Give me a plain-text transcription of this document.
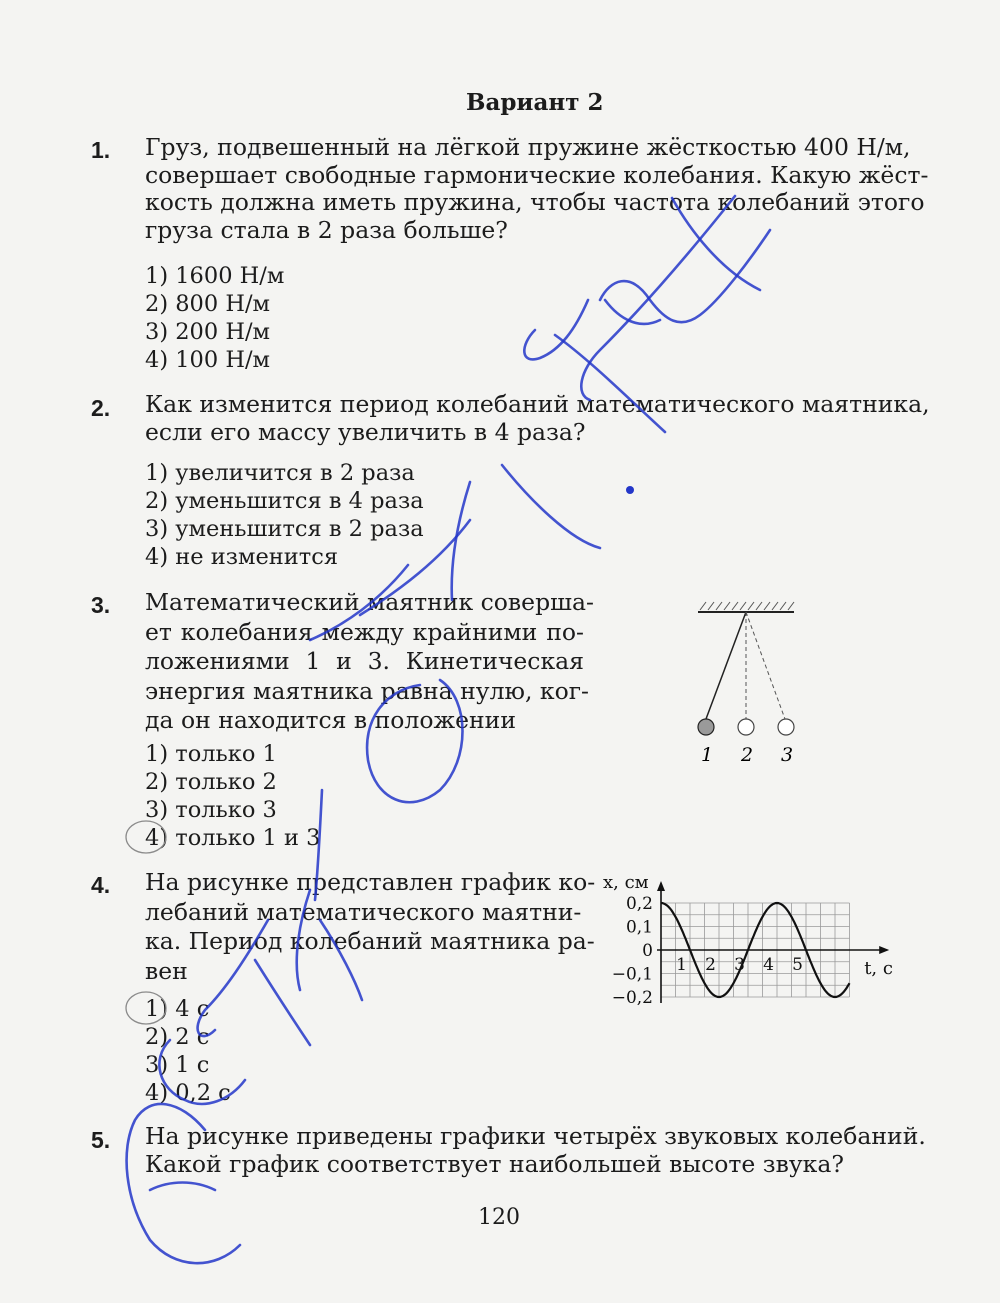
Вариант 2
1. Груз, подвешенный на лёгкой пружине жёсткостью 400 Н/м,
совершает свободные гармонические колебания. Какую жёст-
кость должна иметь пружина, чтобы частота колебаний этого
груза стала в 2 раза больше?
1) 1600 Н/м
2) 800 Н/м
3) 200 Н/м
4) 100 Н/м
2. Как изменится период колебаний математического маятника,
если его массу увеличить в 4 раза?
1) увеличится в 2 раза
2) уменьшится в 4 раза
3) уменьшится в 2 раза
4) не изменится
3. Математический маятник соверша-
ет колебания между крайними по-
ложениями 1 и 3. Кинетическая
энергия маятника равна нулю, ког-
да он находится в положении
1) только 1
2) только 2
3) только 3
4) только 1 и 3
1 2 3
4. На рисунке представлен график ко-
лебаний математического маятни-
ка. Период колебаний маятника ра-
вен
1) 4 с
2) 2 с
3) 1 с
4) 0,2 с
0,2
0,1
0
−0,1
−0,2
1 2 3 4 5
x, см
t, с
5. На рисунке приведены графики четырёх звуковых колебаний.
Какой график соответствует наибольшей высоте звука?
120
